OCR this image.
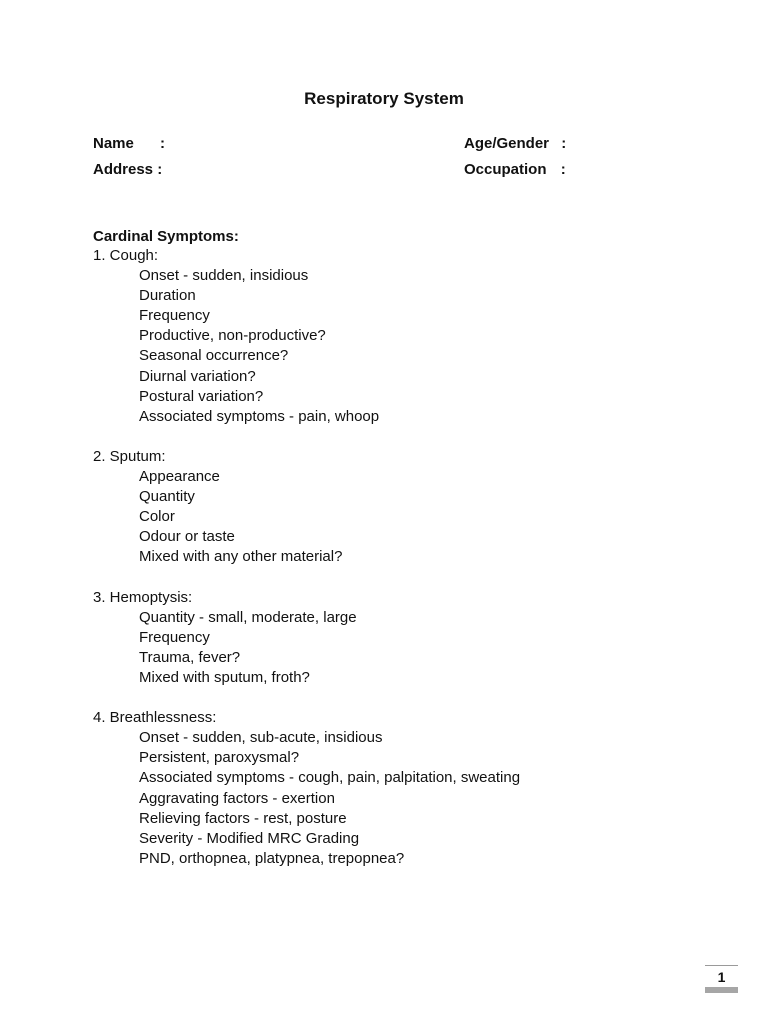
Respiratory System
Name :
Address :
Age/Gender :
Occupation :
Cardinal Symptoms:

1. Cough:

Onset - sudden, insidious
Duration
Frequency
Productive, non-productive?
Seasonal occurrence?
Diurnal variation?
Postural variation?
Associated symptoms - pain, whoop

2. Sputum:

Appearance
Quantity
Color
Odour or taste
Mixed with any other material?

3. Hemoptysis:

Quantity - small, moderate, large
Frequency
Trauma, fever?
Mixed with sputum, froth?

4. Breathlessness:

Onset - sudden, sub-acute, insidious
Persistent, paroxysmal?
Associated symptoms - cough, pain, palpitation, sweating
Aggravating factors - exertion
Relieving factors - rest, posture
Severity - Modified MRC Grading
PND, orthopnea, platypnea, trepopnea?
1
